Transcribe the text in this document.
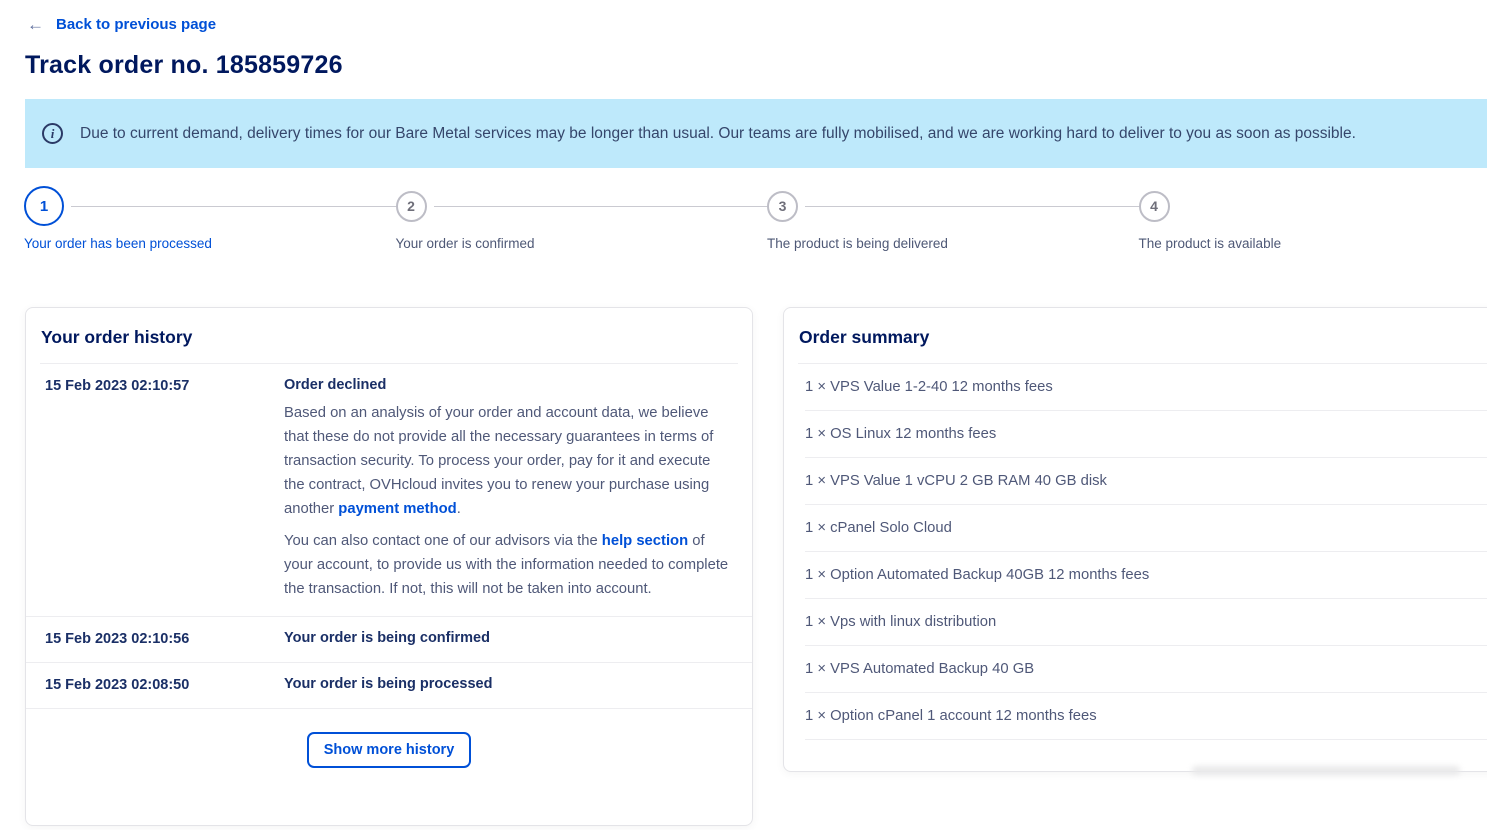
← Back to previous page
Track order no. 185859726
i	Due to current demand, delivery times for our Bare Metal services may be longer than usual. Our teams are fully mobilised, and we are working hard to deliver to you as soon as possible.
1
Your order has been processed
2
Your order is confirmed
3
The product is being delivered
4
The product is available
Your order history
15 Feb 2023 02:10:57	Order declined
Based on an analysis of your order and account data, we believe that these do not provide all the necessary guarantees in terms of transaction security. To process your order, pay for it and execute the contract, OVHcloud invites you to renew your purchase using another payment method.
You can also contact one of our advisors via the help section of your account, to provide us with the information needed to complete the transaction. If not, this will not be taken into account.
15 Feb 2023 02:10:56	Your order is being confirmed
15 Feb 2023 02:08:50	Your order is being processed
Show more history
Order summary
1 × VPS Value 1-2-40 12 months fees
1 × OS Linux 12 months fees
1 × VPS Value 1 vCPU 2 GB RAM 40 GB disk
1 × cPanel Solo Cloud
1 × Option Automated Backup 40GB 12 months fees
1 × Vps with linux distribution
1 × VPS Automated Backup 40 GB
1 × Option cPanel 1 account 12 months fees
